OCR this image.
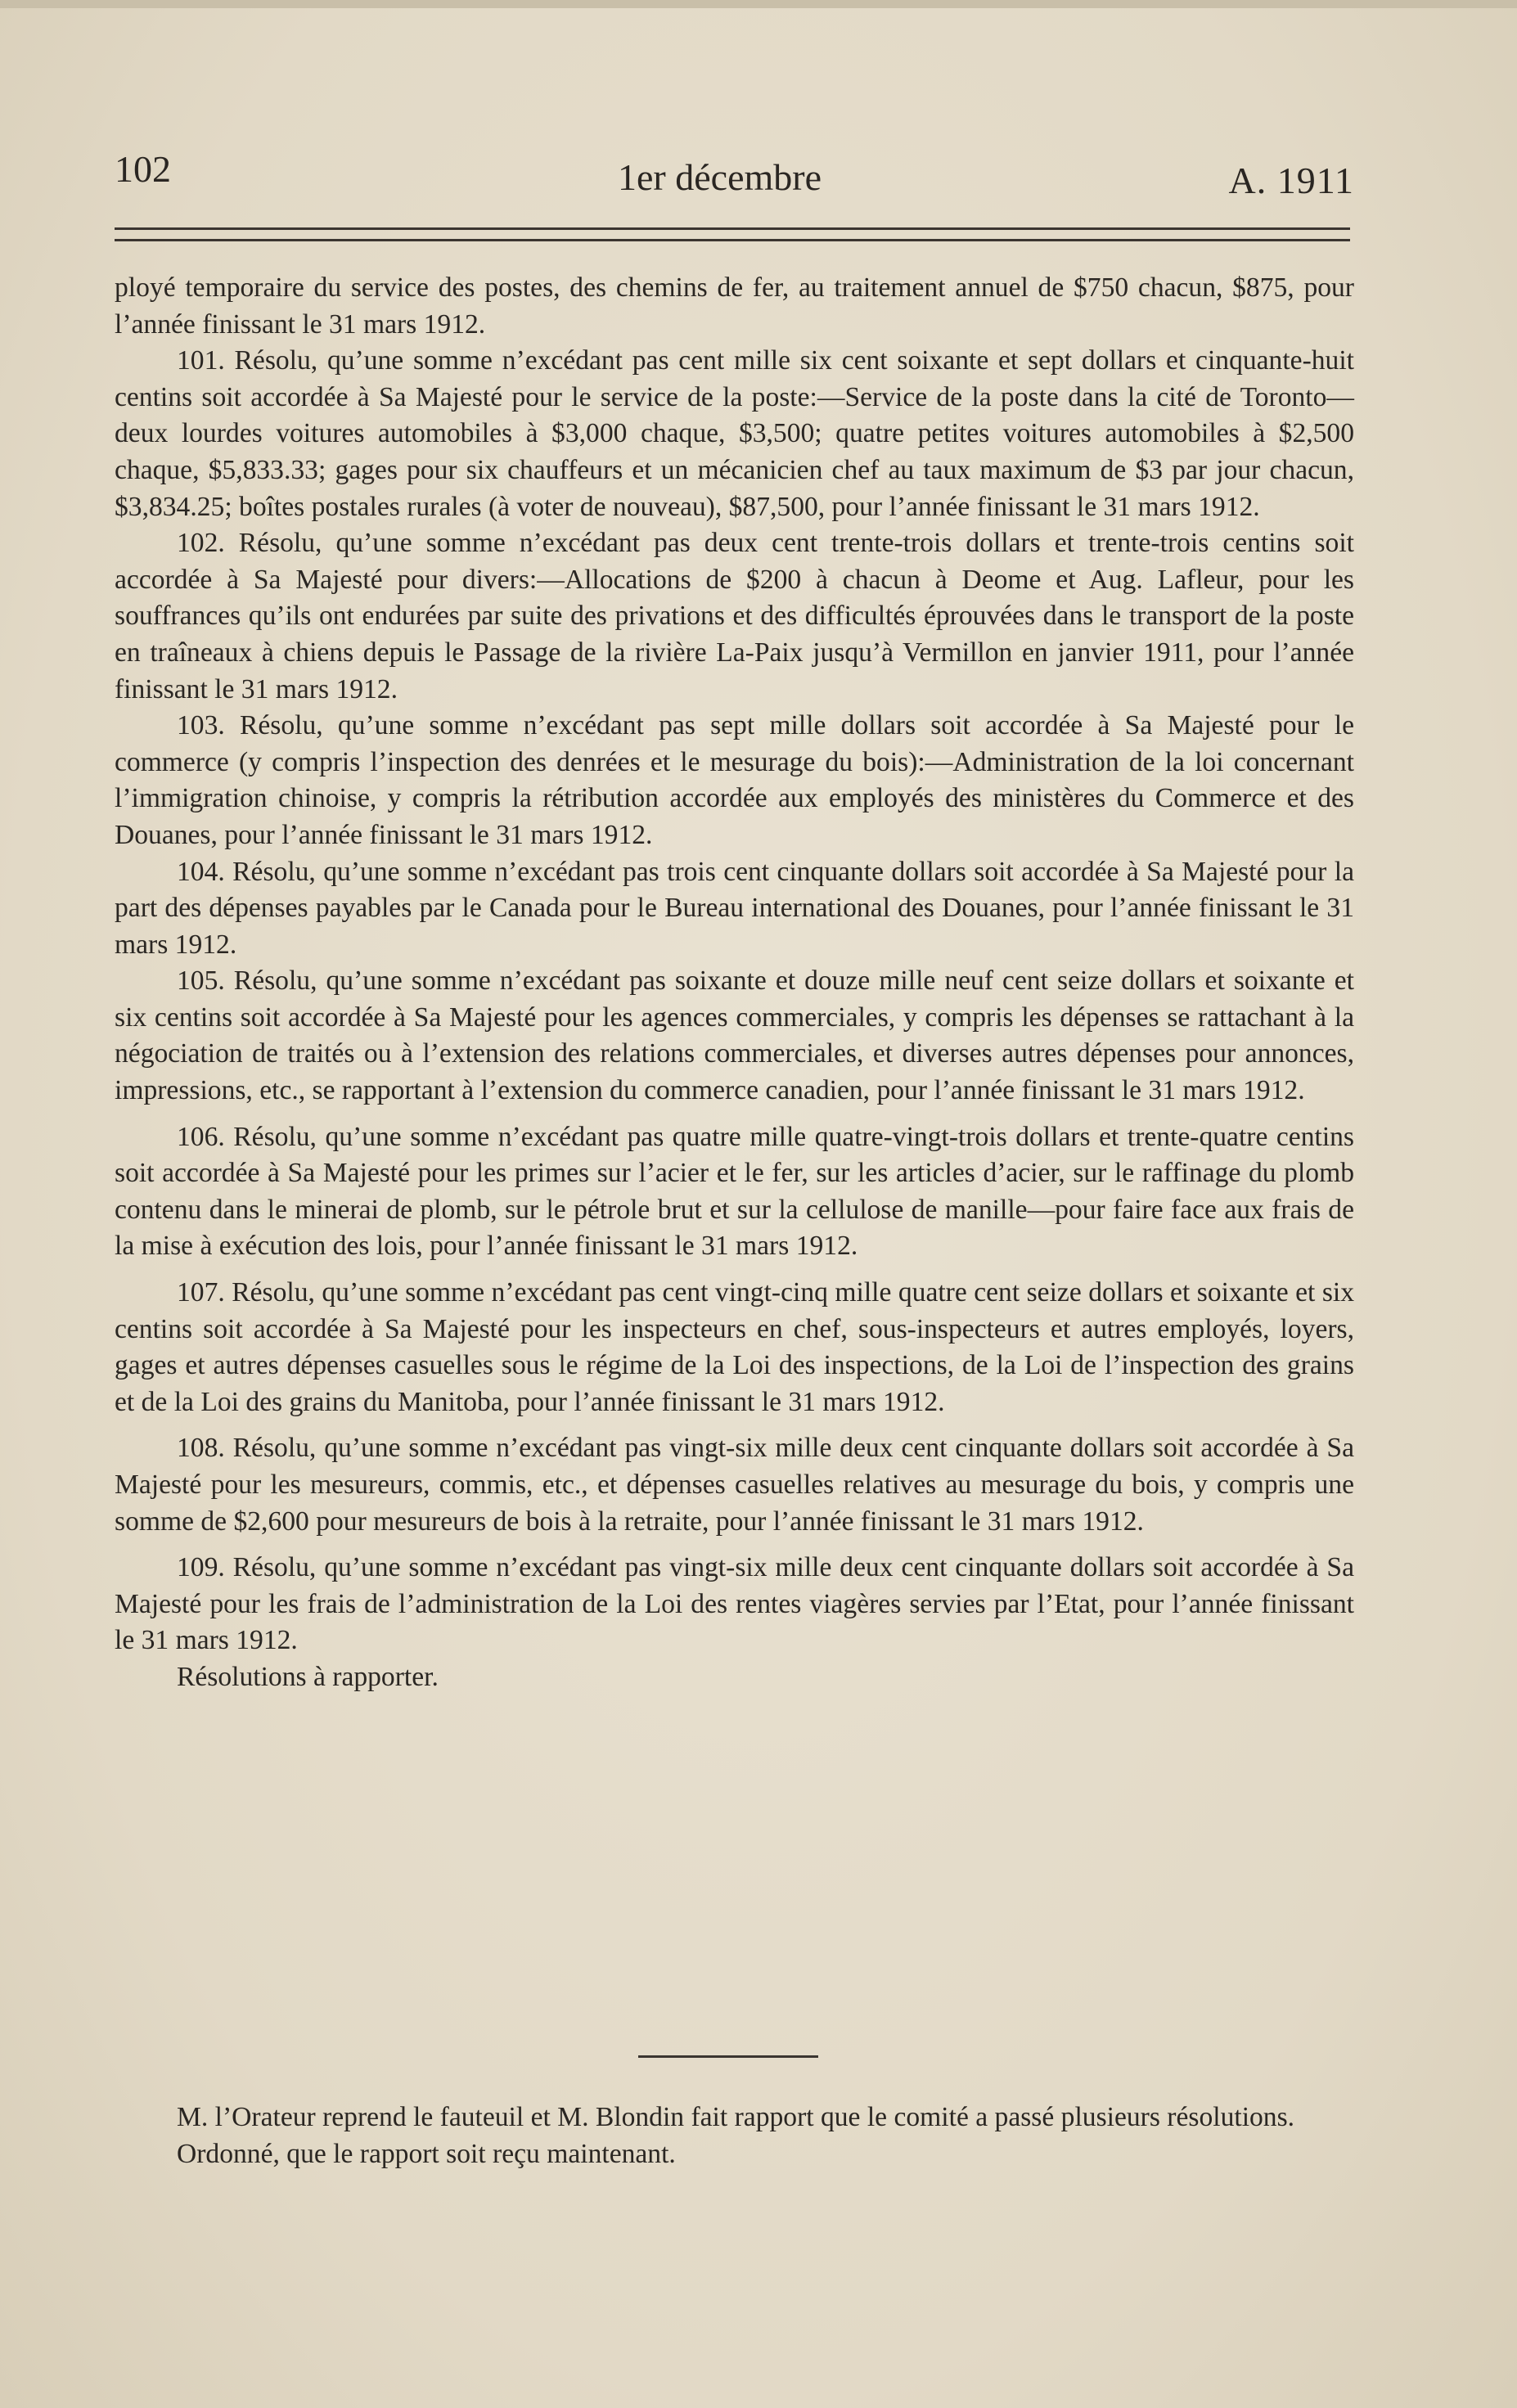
102	1er décembre	A. 1911

ployé temporaire du service des postes, des chemins de fer, au traitement annuel de $750 chacun, $875, pour l’année finissant le 31 mars 1912.

101. Résolu, qu’une somme n’excédant pas cent mille six cent soixante et sept dollars et cinquante-huit centins soit accordée à Sa Majesté pour le service de la poste:—Service de la poste dans la cité de Toronto—deux lourdes voitures automobiles à $3,000 chaque, $3,500; quatre petites voitures automobiles à $2,500 chaque, $5,833.33; gages pour six chauffeurs et un mécanicien chef au taux maximum de $3 par jour chacun, $3,834.25; boîtes postales rurales (à voter de nouveau), $87,500, pour l’année finissant le 31 mars 1912.

102. Résolu, qu’une somme n’excédant pas deux cent trente-trois dollars et trente-trois centins soit accordée à Sa Majesté pour divers:—Allocations de $200 à chacun à Deome et Aug. Lafleur, pour les souffrances qu’ils ont endurées par suite des privations et des difficultés éprouvées dans le transport de la poste en traîneaux à chiens depuis le Passage de la rivière La-Paix jusqu’à Vermillon en janvier 1911, pour l’année finissant le 31 mars 1912.

103. Résolu, qu’une somme n’excédant pas sept mille dollars soit accordée à Sa Majesté pour le commerce (y compris l’inspection des denrées et le mesurage du bois):—Administration de la loi concernant l’immigration chinoise, y compris la rétribution accordée aux employés des ministères du Commerce et des Douanes, pour l’année finissant le 31 mars 1912.

104. Résolu, qu’une somme n’excédant pas trois cent cinquante dollars soit accordée à Sa Majesté pour la part des dépenses payables par le Canada pour le Bureau international des Douanes, pour l’année finissant le 31 mars 1912.

105. Résolu, qu’une somme n’excédant pas soixante et douze mille neuf cent seize dollars et soixante et six centins soit accordée à Sa Majesté pour les agences commerciales, y compris les dépenses se rattachant à la négociation de traités ou à l’extension des relations commerciales, et diverses autres dépenses pour annonces, impressions, etc., se rapportant à l’extension du commerce canadien, pour l’année finissant le 31 mars 1912.

106. Résolu, qu’une somme n’excédant pas quatre mille quatre-vingt-trois dollars et trente-quatre centins soit accordée à Sa Majesté pour les primes sur l’acier et le fer, sur les articles d’acier, sur le raffinage du plomb contenu dans le minerai de plomb, sur le pétrole brut et sur la cellulose de manille—pour faire face aux frais de la mise à exécution des lois, pour l’année finissant le 31 mars 1912.

107. Résolu, qu’une somme n’excédant pas cent vingt-cinq mille quatre cent seize dollars et soixante et six centins soit accordée à Sa Majesté pour les inspecteurs en chef, sous-inspecteurs et autres employés, loyers, gages et autres dépenses casuelles sous le régime de la Loi des inspections, de la Loi de l’inspection des grains et de la Loi des grains du Manitoba, pour l’année finissant le 31 mars 1912.

108. Résolu, qu’une somme n’excédant pas vingt-six mille deux cent cinquante dollars soit accordée à Sa Majesté pour les mesureurs, commis, etc., et dépenses casuelles relatives au mesurage du bois, y compris une somme de $2,600 pour mesureurs de bois à la retraite, pour l’année finissant le 31 mars 1912.

109. Résolu, qu’une somme n’excédant pas vingt-six mille deux cent cinquante dollars soit accordée à Sa Majesté pour les frais de l’administration de la Loi des rentes viagères servies par l’Etat, pour l’année finissant le 31 mars 1912.

Résolutions à rapporter.

M. l’Orateur reprend le fauteuil et M. Blondin fait rapport que le comité a passé plusieurs résolutions.

Ordonné, que le rapport soit reçu maintenant.
